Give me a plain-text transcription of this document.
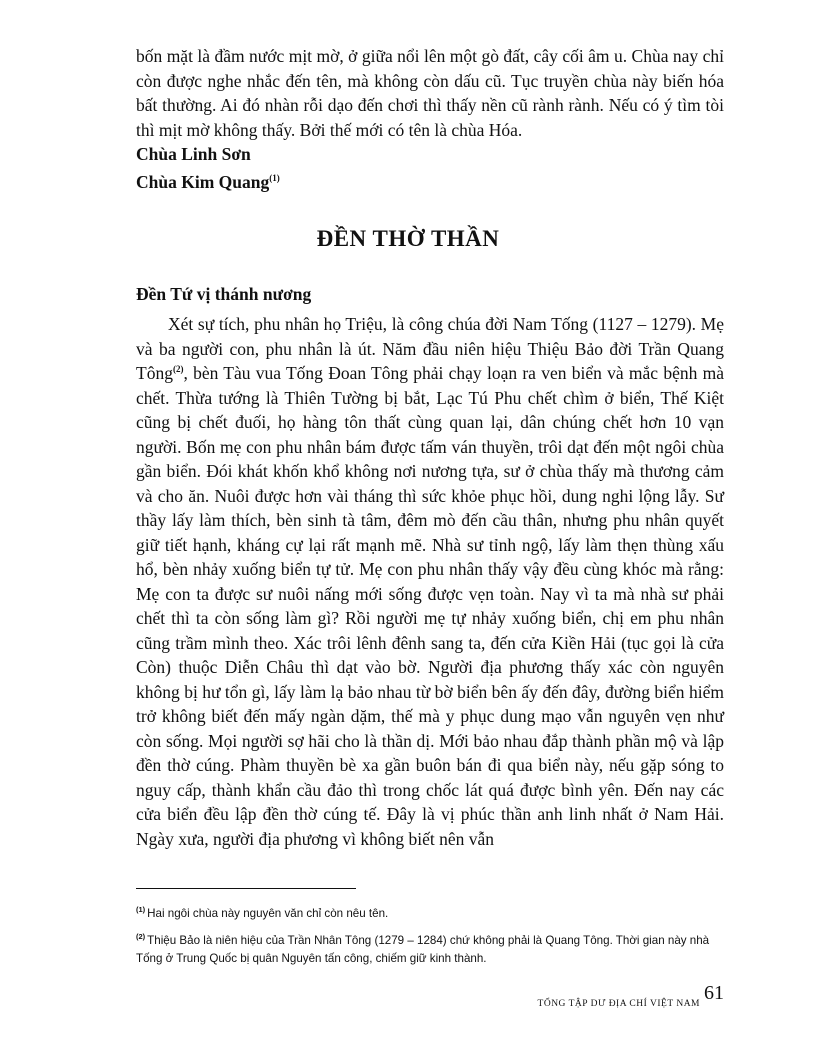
bốn mặt là đầm nước mịt mờ, ở giữa nổi lên một gò đất, cây cối âm u. Chùa nay chỉ còn được nghe nhắc đến tên, mà không còn dấu cũ. Tục truyền chùa này biến hóa bất thường. Ai đó nhàn rỗi dạo đến chơi thì thấy nền cũ rành rành. Nếu có ý tìm tòi thì mịt mờ không thấy. Bởi thế mới có tên là chùa Hóa.

Chùa Linh Sơn

Chùa Kim Quang$^{(1)}$

ĐỀN THỜ THẦN

Đền Tứ vị thánh nương

Xét sự tích, phu nhân họ Triệu, là công chúa đời Nam Tống (1127 – 1279). Mẹ và ba người con, phu nhân là út. Năm đầu niên hiệu Thiệu Bảo đời Trần Quang Tông$^{(2)}$, bèn Tàu vua Tống Đoan Tông phải chạy loạn ra ven biển và mắc bệnh mà chết. Thừa tướng là Thiên Tường bị bắt, Lạc Tú Phu chết chìm ở biển, Thế Kiệt cũng bị chết đuối, họ hàng tôn thất cùng quan lại, dân chúng chết hơn 10 vạn người. Bốn mẹ con phu nhân bám được tấm ván thuyền, trôi dạt đến một ngôi chùa gần biển. Đói khát khốn khổ không nơi nương tựa, sư ở chùa thấy mà thương cảm và cho ăn. Nuôi được hơn vài tháng thì sức khỏe phục hồi, dung nghi lộng lẫy. Sư thầy lấy làm thích, bèn sinh tà tâm, đêm mò đến cầu thân, nhưng phu nhân quyết giữ tiết hạnh, kháng cự lại rất mạnh mẽ. Nhà sư tỉnh ngộ, lấy làm thẹn thùng xấu hổ, bèn nhảy xuống biển tự tử. Mẹ con phu nhân thấy vậy đều cùng khóc mà rằng: Mẹ con ta được sư nuôi nấng mới sống được vẹn toàn. Nay vì ta mà nhà sư phải chết thì ta còn sống làm gì? Rồi người mẹ tự nhảy xuống biển, chị em phu nhân cũng trầm mình theo. Xác trôi lênh đênh sang ta, đến cửa Kiền Hải (tục gọi là cửa Còn) thuộc Diễn Châu thì dạt vào bờ. Người địa phương thấy xác còn nguyên không bị hư tổn gì, lấy làm lạ bảo nhau từ bờ biển bên ấy đến đây, đường biển hiểm trở không biết đến mấy ngàn dặm, thế mà y phục dung mạo vẫn nguyên vẹn như còn sống. Mọi người sợ hãi cho là thần dị. Mới bảo nhau đắp thành phần mộ và lập đền thờ cúng. Phàm thuyền bè xa gần buôn bán đi qua biển này, nếu gặp sóng to nguy cấp, thành khẩn cầu đảo thì trong chốc lát quá được bình yên. Đến nay các cửa biển đều lập đền thờ cúng tế. Đây là vị phúc thần anh linh nhất ở Nam Hải. Ngày xưa, người địa phương vì không biết nên vẫn

$^{(1)}$ Hai ngôi chùa này nguyên văn chỉ còn nêu tên.

$^{(2)}$ Thiệu Bảo là niên hiệu của Trần Nhân Tông (1279 – 1284) chứ không phải là Quang Tông. Thời gian này nhà Tống ở Trung Quốc bị quân Nguyên tấn công, chiếm giữ kinh thành.

TỔNG TẬP DƯ ĐỊA CHÍ VIỆT NAM 61
